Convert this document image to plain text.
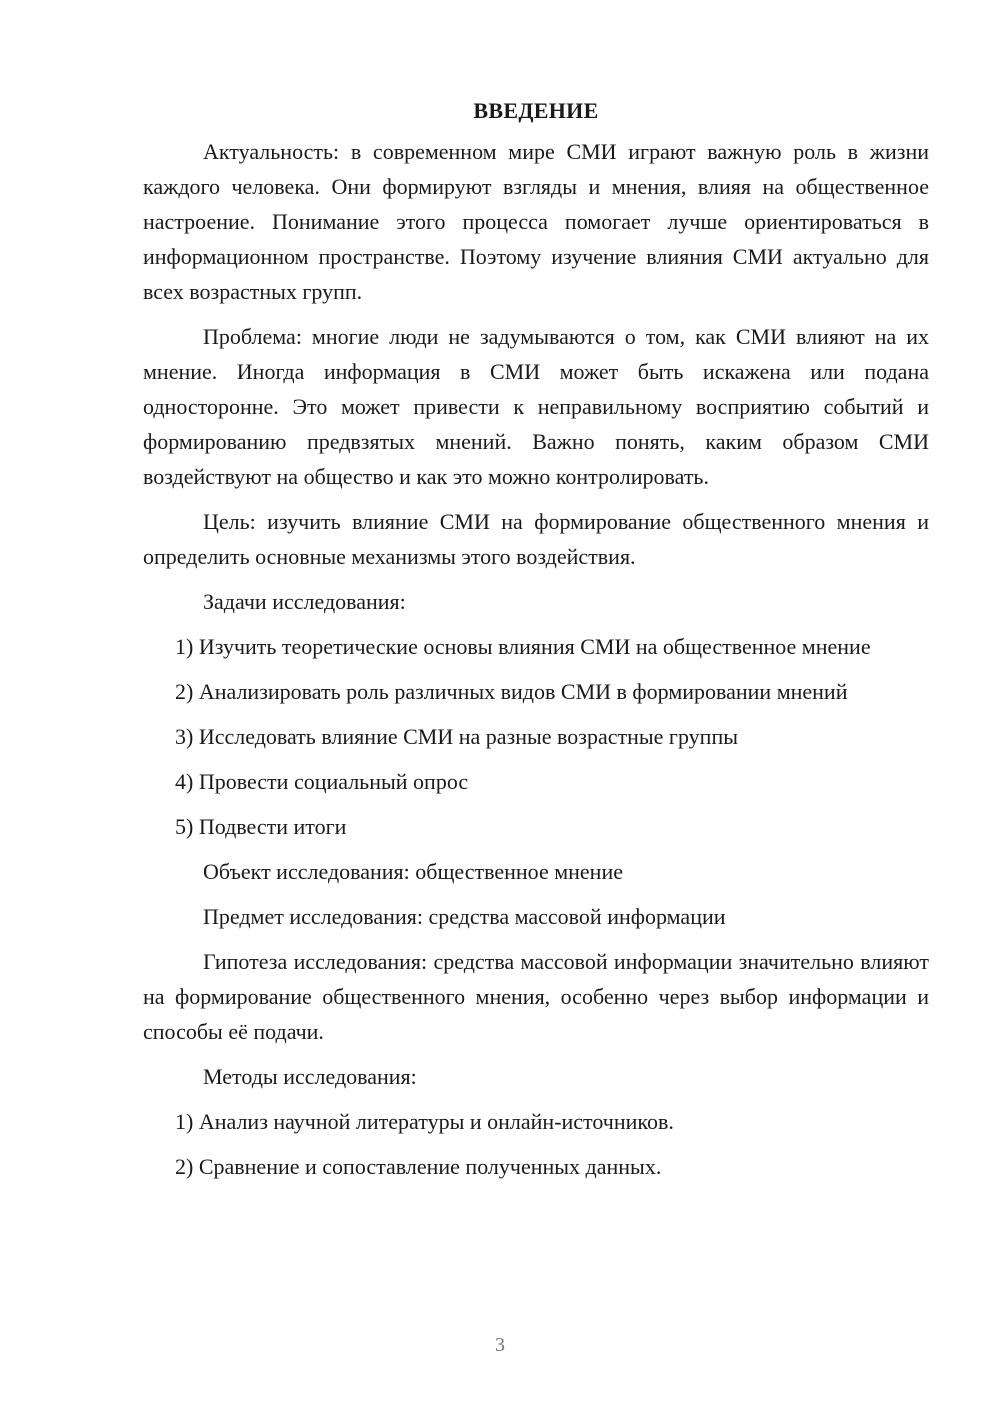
ВВЕДЕНИЕ

Актуальность: в современном мире СМИ играют важную роль в жизни каждого человека. Они формируют взгляды и мнения, влияя на общественное настроение. Понимание этого процесса помогает лучше ориентироваться в информационном пространстве. Поэтому изучение влияния СМИ актуально для всех возрастных групп.

Проблема: многие люди не задумываются о том, как СМИ влияют на их мнение. Иногда информация в СМИ может быть искажена или подана односторонне. Это может привести к неправильному восприятию событий и формированию предвзятых мнений. Важно понять, каким образом СМИ воздействуют на общество и как это можно контролировать.

Цель: изучить влияние СМИ на формирование общественного мнения и определить основные механизмы этого воздействия.

Задачи исследования:

1) Изучить теоретические основы влияния СМИ на общественное мнение

2) Анализировать роль различных видов СМИ в формировании мнений

3) Исследовать влияние СМИ на разные возрастные группы

4) Провести социальный опрос

5) Подвести итоги

Объект исследования: общественное мнение

Предмет исследования: средства массовой информации

Гипотеза исследования: средства массовой информации значительно влияют на формирование общественного мнения, особенно через выбор информации и способы её подачи.

Методы исследования:

1) Анализ научной литературы и онлайн-источников.

2) Сравнение и сопоставление полученных данных.

3
